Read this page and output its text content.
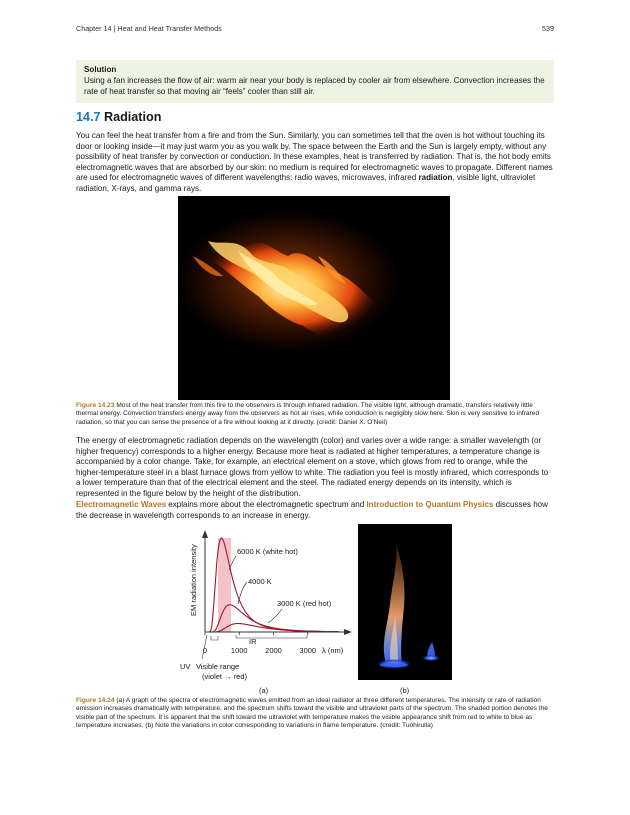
Chapter 14 | Heat and Heat Transfer Methods	539
Solution
Using a fan increases the flow of air: warm air near your body is replaced by cooler air from elsewhere. Convection increases the rate of heat transfer so that moving air “feels” cooler than still air.
14.7 Radiation
You can feel the heat transfer from a fire and from the Sun. Similarly, you can sometimes tell that the oven is hot without touching its door or looking inside—it may just warm you as you walk by. The space between the Earth and the Sun is largely empty, without any possibility of heat transfer by convection or conduction. In these examples, heat is transferred by radiation. That is, the hot body emits electromagnetic waves that are absorbed by our skin: no medium is required for electromagnetic waves to propagate. Different names are used for electromagnetic waves of different wavelengths: radio waves, microwaves, infrared radiation, visible light, ultraviolet radiation, X-rays, and gamma rays.
Figure 14.23 Most of the heat transfer from this fire to the observers is through infrared radiation. The visible light, although dramatic, transfers relatively little thermal energy. Convection transfers energy away from the observers as hot air rises, while conduction is negligibly slow here. Skin is very sensitive to infrared radiation, so that you can sense the presence of a fire without looking at it directly. (credit: Daniel X. O'Neil)
The energy of electromagnetic radiation depends on the wavelength (color) and varies over a wide range: a smaller wavelength (or higher frequency) corresponds to a higher energy. Because more heat is radiated at higher temperatures, a temperature change is accompanied by a color change. Take, for example, an electrical element on a stove, which glows from red to orange, while the higher-temperature steel in a blast furnace glows from yellow to white. The radiation you feel is mostly infrared, which corresponds to a lower temperature than that of the electrical element and the steel. The radiated energy depends on its intensity, which is represented in the figure below by the height of the distribution.
Electromagnetic Waves explains more about the electromagnetic spectrum and Introduction to Quantum Physics discusses how the decrease in wavelength corresponds to an increase in energy.
EM radiation intensity
0	1000 2000 3000 λ (nm)
6000 K (white hot)
4000 K
3000 K (red hot)
IR
UV Visible range
(violet → red)
(a)	(b)
Figure 14.24 (a) A graph of the spectra of electromagnetic waves emitted from an ideal radiator at three different temperatures. The intensity or rate of radiation emission increases dramatically with temperature, and the spectrum shifts toward the visible and ultraviolet parts of the spectrum. The shaded portion denotes the visible part of the spectrum. It is apparent that the shift toward the ultraviolet with temperature makes the visible appearance shift from red to white to blue as temperature increases. (b) Note the variations in color corresponding to variations in flame temperature. (credit: Tuohirulla)
